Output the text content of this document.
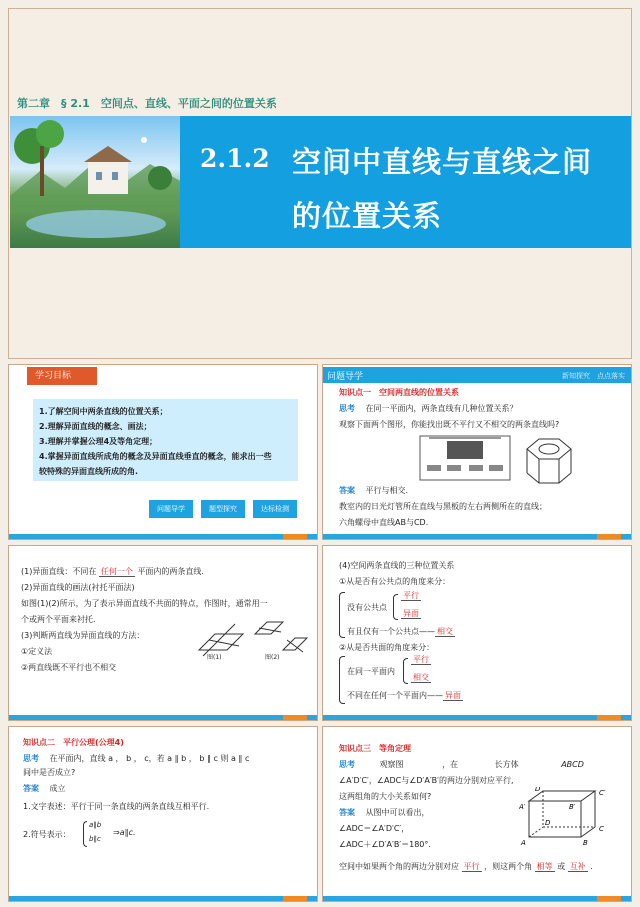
第二章　§ 2.1　空间点、直线、平面之间的位置关系
2.1.2 空间中直线与直线之间
的位置关系
学习目标
1.了解空间中两条直线的位置关系；
2.理解异面直线的概念、画法；
3.理解并掌握公理4及等角定理；
4.掌握异面直线所成角的概念及异面直线垂直的概念，能求出一些
较特殊的异面直线所成的角.
问题导学	题型探究	达标检测
问题导学	新知探究　点点落实
知识点一　空间两直线的位置关系
思考 在同一平面内，两条直线有几种位置关系？
观察下面两个图形，你能找出既不平行又不相交的两条直线吗?
答案 平行与相交.
教室内的日光灯管所在直线与黑板的左右两侧所在的直线；
六角螺母中直线AB与CD.
(1)异面直线：不同在 任何一个 平面内的两条直线.
(2)异面直线的画法(衬托平面法)
如图(1)(2)所示，为了表示异面直线不共面的特点，作图时，通常用一
个或两个平面来衬托.
(3)判断两直线为异面直线的方法：
①定义法
②两直线既不平行也不相交
图(1)	图(2)
(4)空间两条直线的三种位置关系
①从是否有公共点的角度来分：
没有公共点
平行
异面
有且仅有一个公共点—— 相交
②从是否共面的角度来分：
在同一平面内
平行
相交
不同在任何一个平面内—— 异面
知识点二　平行公理(公理4)
思考 在平面内，直线 a ， b ， c，若 a ∥ b ， b ∥ c 则 a ∥ c
间中是否成立?
答案 成立
1.文字表述：平行于同一条直线的两条直线互相平行.
2.符号表示：
a∥b
b∥c
⇒a∥c.
知识点三　等角定理
思考	观察图	，在	长方体	ABCD
∠A′D′C′，∠ADC与∠D′A′B′的两边分别对应平行,
这两组角的大小关系如何?
答案 从图中可以看出，
∠ADC＝∠A′D′C′，
∠ADC＋∠D′A′B′＝180°.
A′
D′
B′
C′
A
D
B
C
空间中如果两个角的两边分别对应 平行 ，则这两个角 相等 或 互补 .
